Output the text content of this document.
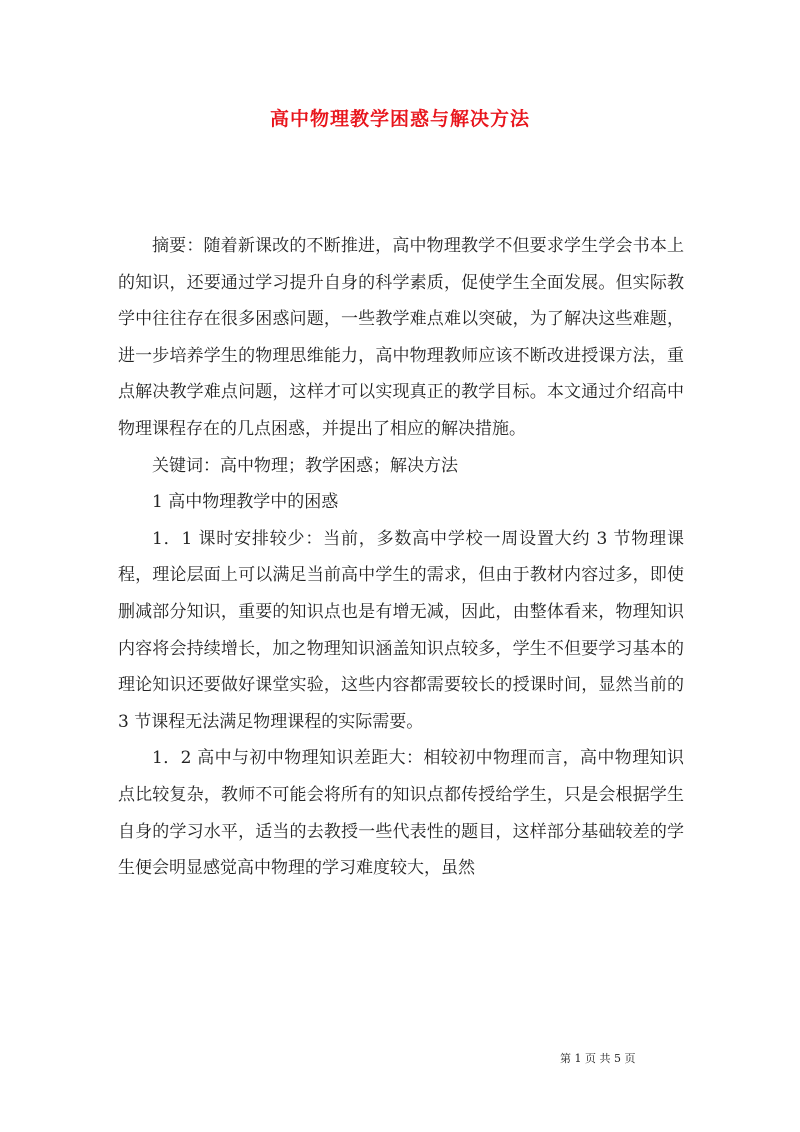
高中物理教学困惑与解决方法

摘要：随着新课改的不断推进，高中物理教学不但要求学生学会书本上的知识，还要通过学习提升自身的科学素质，促使学生全面发展。但实际教学中往往存在很多困惑问题，一些教学难点难以突破，为了解决这些难题，进一步培养学生的物理思维能力，高中物理教师应该不断改进授课方法，重点解决教学难点问题，这样才可以实现真正的教学目标。本文通过介绍高中物理课程存在的几点困惑，并提出了相应的解决措施。

关键词：高中物理；教学困惑；解决方法

1 高中物理教学中的困惑

1．1 课时安排较少：当前，多数高中学校一周设置大约 3 节物理课程，理论层面上可以满足当前高中学生的需求，但由于教材内容过多，即使删减部分知识，重要的知识点也是有增无减，因此，由整体看来，物理知识内容将会持续增长，加之物理知识涵盖知识点较多，学生不但要学习基本的理论知识还要做好课堂实验，这些内容都需要较长的授课时间，显然当前的 3 节课程无法满足物理课程的实际需要。

1．2 高中与初中物理知识差距大：相较初中物理而言，高中物理知识点比较复杂，教师不可能会将所有的知识点都传授给学生，只是会根据学生自身的学习水平，适当的去教授一些代表性的题目，这样部分基础较差的学生便会明显感觉高中物理的学习难度较大，虽然

第 1 页 共 5 页
